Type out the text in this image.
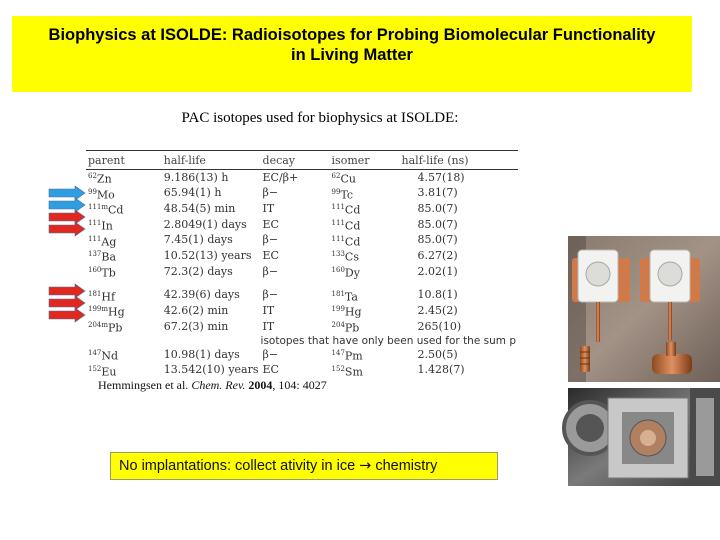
Biophysics at ISOLDE: Radioisotopes for Probing Biomolecular Functionality
in Living Matter
PAC isotopes used for biophysics at ISOLDE:
parent	half-life	decay	isomer	half-life (ns)
$^{62}$Zn	9.186(13) h	EC/β+	$^{62}$Cu	4.57(18)
$^{99}$Mo	65.94(1) h	β−	$^{99}$Tc	3.81(7)
$^{111m}$Cd	48.54(5) min	IT	$^{111}$Cd	85.0(7)
$^{111}$In	2.8049(1) days	EC	$^{111}$Cd	85.0(7)
$^{111}$Ag	7.45(1) days	β−	$^{111}$Cd	85.0(7)
$^{137}$Ba	10.52(13) years	EC	$^{133}$Cs	6.27(2)
$^{160}$Tb	72.3(2) days	β−	$^{160}$Dy	2.02(1)

$^{181}$Hf	42.39(6) days	β−	$^{181}$Ta	10.8(1)
$^{199m}$Hg	42.6(2) min	IT	$^{199}$Hg	2.45(2)
$^{204m}$Pb	67.2(3) min	IT	$^{204}$Pb	265(10)
		isotopes that have only been used for the sum p		
$^{147}$Nd	10.98(1) days	β−	$^{147}$Pm	2.50(5)
$^{152}$Eu	13.542(10) years	EC	$^{152}$Sm	1.428(7)
Hemmingsen et al. Chem. Rev. 2004, 104: 4027
No implantations: collect ativity in ice → chemistry
